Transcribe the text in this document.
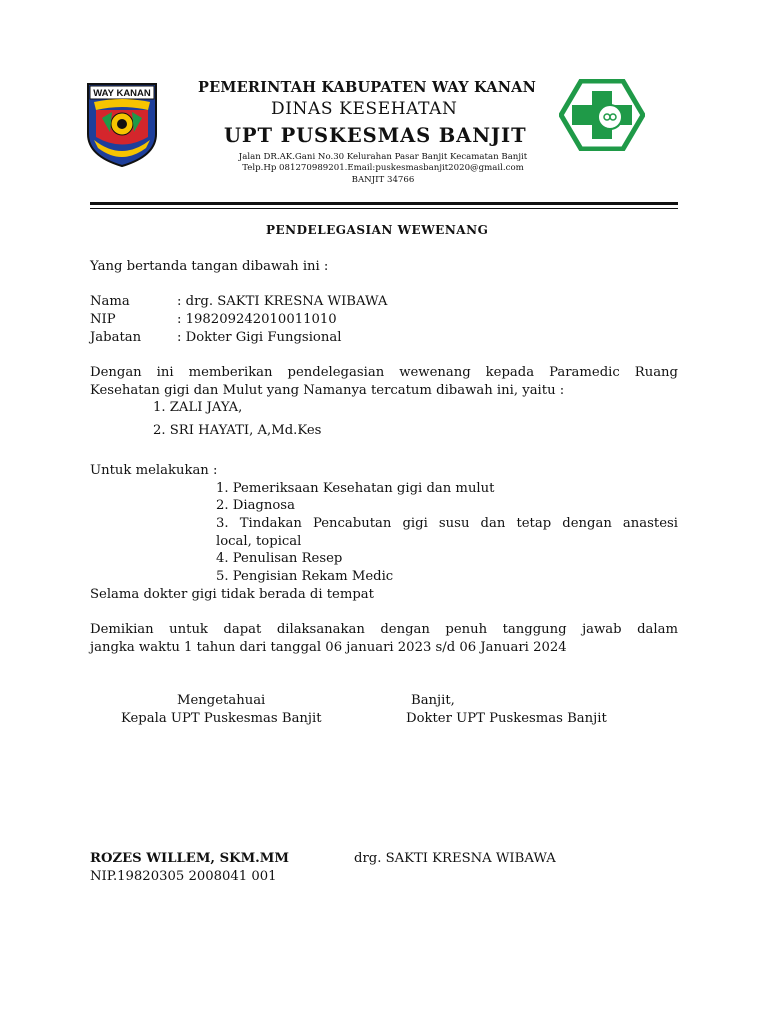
WAY KANAN	PEMERINTAH KABUPATEN WAY KANAN
DINAS KESEHATAN
UPT PUSKESMAS BANJIT
Jalan DR.AK.Gani No.30 Kelurahan Pasar Banjit Kecamatan Banjit
Telp.Hp 081270989201.Email:puskesmasbanjit2020@gmail.com
BANJIT 34766
PENDELEGASIAN WEWENANG
Yang bertanda tangan dibawah ini :
Nama	: drg. SAKTI KRESNA WIBAWA
NIP	: 198209242010011010
Jabatan	: Dokter Gigi Fungsional
Dengan ini memberikan pendelegasian wewenang kepada Paramedic Ruang
Kesehatan gigi dan Mulut yang Namanya tercatum dibawah ini, yaitu :
1. ZALI JAYA,
2. SRI HAYATI, A,Md.Kes
Untuk melakukan :
1. Pemeriksaan Kesehatan gigi dan mulut
2. Diagnosa
3. Tindakan Pencabutan gigi susu dan tetap dengan anastesi
local, topical
4. Penulisan Resep
5. Pengisian Rekam Medic
Selama dokter gigi tidak berada di tempat
Demikian untuk dapat dilaksanakan dengan penuh tanggung jawab dalam
jangka waktu 1 tahun dari tanggal 06 januari 2023 s/d 06 Januari 2024
Mengetahuai
Kepala UPT Puskesmas Banjit
Banjit,
Dokter UPT Puskesmas Banjit
ROZES WILLEM, SKM.MM
NIP.19820305 2008041 001
drg. SAKTI KRESNA WIBAWA
